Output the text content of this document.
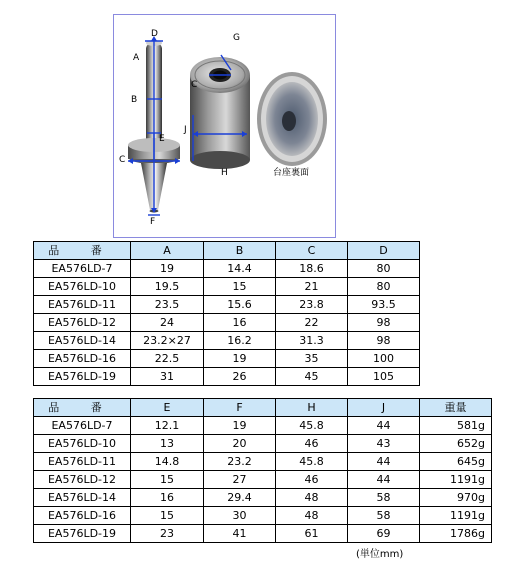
D
A
B
E
C
F
G
C
J
H	台座裏面
品 番	A	B	C	D
EA576LD-7	19	14.4	18.6	80
EA576LD-10	19.5	15	21	80
EA576LD-11	23.5	15.6	23.8	93.5
EA576LD-12	24	16	22	98
EA576LD-14	23.2×27	16.2	31.3	98
EA576LD-16	22.5	19	35	100
EA576LD-19	31	26	45	105
品 番	E	F	H	J	重量
EA576LD-7	12.1	19	45.8	44	581g
EA576LD-10	13	20	46	43	652g
EA576LD-11	14.8	23.2	45.8	44	645g
EA576LD-12	15	27	46	44	1191g
EA576LD-14	16	29.4	48	58	970g
EA576LD-16	15	30	48	58	1191g
EA576LD-19	23	41	61	69	1786g
(単位mm)
